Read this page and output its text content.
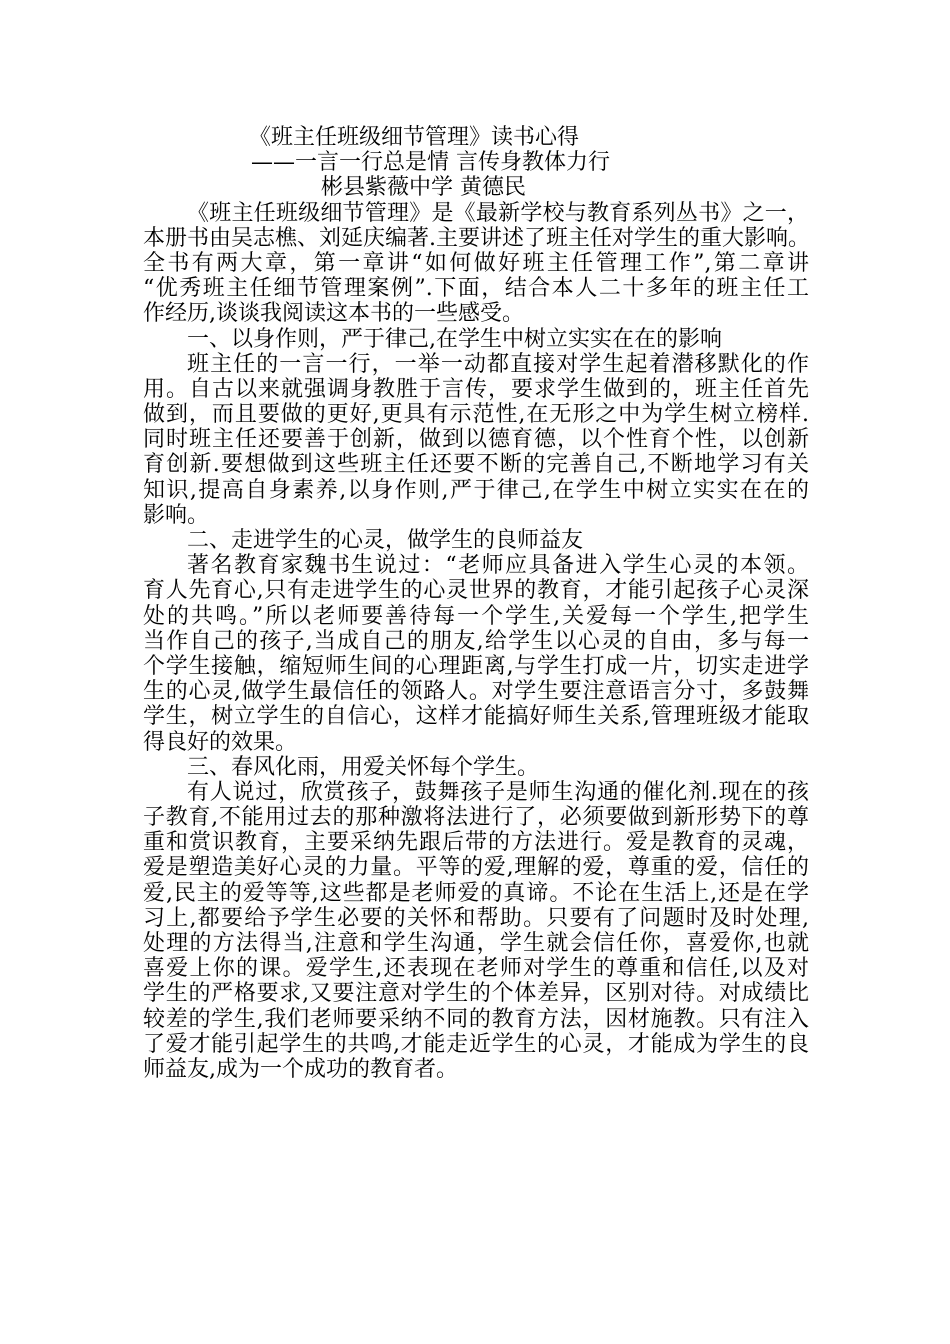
《班主任班级细节管理》读书心得
——一言一行总是情 言传身教体力行
彬县紫薇中学 黄德民
《班主任班级细节管理》是《最新学校与教育系列丛书》之一，
本册书由吴志樵、刘延庆编著.主要讲述了班主任对学生的重大影响。
全书有两大章，第一章讲“如何做好班主任管理工作”,第二章讲
“优秀班主任细节管理案例”.下面，结合本人二十多年的班主任工
作经历,谈谈我阅读这本书的一些感受。
一、以身作则，严于律己,在学生中树立实实在在的影响
班主任的一言一行，一举一动都直接对学生起着潜移默化的作
用。自古以来就强调身教胜于言传，要求学生做到的，班主任首先
做到，而且要做的更好,更具有示范性,在无形之中为学生树立榜样.
同时班主任还要善于创新，做到以德育德，以个性育个性，以创新
育创新.要想做到这些班主任还要不断的完善自己,不断地学习有关
知识,提高自身素养,以身作则,严于律己,在学生中树立实实在在的
影响。
二、走进学生的心灵，做学生的良师益友
著名教育家魏书生说过：“老师应具备进入学生心灵的本领。
育人先育心,只有走进学生的心灵世界的教育，才能引起孩子心灵深
处的共鸣。”所以老师要善待每一个学生,关爱每一个学生,把学生
当作自己的孩子,当成自己的朋友,给学生以心灵的自由，多与每一
个学生接触，缩短师生间的心理距离,与学生打成一片，切实走进学
生的心灵,做学生最信任的领路人。对学生要注意语言分寸，多鼓舞
学生，树立学生的自信心，这样才能搞好师生关系,管理班级才能取
得良好的效果。
三、春风化雨，用爱关怀每个学生。
有人说过，欣赏孩子，鼓舞孩子是师生沟通的催化剂.现在的孩
子教育,不能用过去的那种激将法进行了，必须要做到新形势下的尊
重和赏识教育，主要采纳先跟后带的方法进行。爱是教育的灵魂，
爱是塑造美好心灵的力量。平等的爱,理解的爱，尊重的爱，信任的
爱,民主的爱等等,这些都是老师爱的真谛。不论在生活上,还是在学
习上,都要给予学生必要的关怀和帮助。只要有了问题时及时处理,
处理的方法得当,注意和学生沟通，学生就会信任你，喜爱你,也就
喜爱上你的课。爱学生,还表现在老师对学生的尊重和信任,以及对
学生的严格要求,又要注意对学生的个体差异，区别对待。对成绩比
较差的学生,我们老师要采纳不同的教育方法，因材施教。只有注入
了爱才能引起学生的共鸣,才能走近学生的心灵，才能成为学生的良
师益友,成为一个成功的教育者。
